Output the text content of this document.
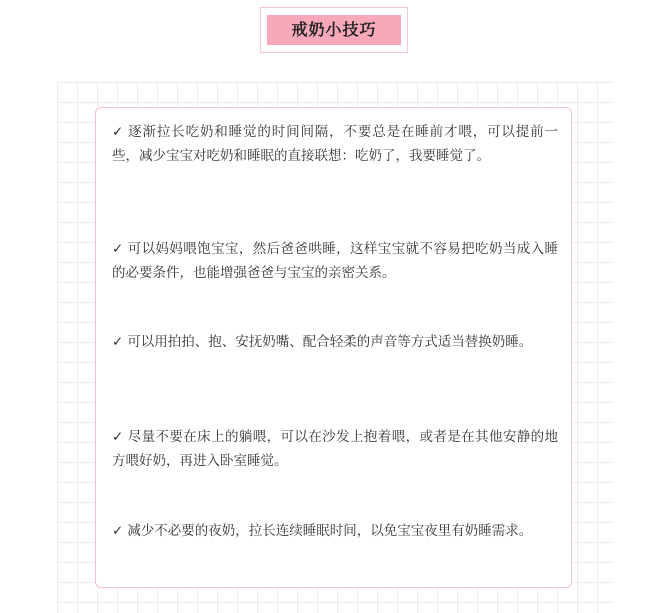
戒奶小技巧
✓ 逐渐拉长吃奶和睡觉的时间间隔，不要总是在睡前才喂，可以提前一些，减少宝宝对吃奶和睡眠的直接联想：吃奶了，我要睡觉了。
✓ 可以妈妈喂饱宝宝，然后爸爸哄睡，这样宝宝就不容易把吃奶当成入睡的必要条件，也能增强爸爸与宝宝的亲密关系。
✓ 可以用拍拍、抱、安抚奶嘴、配合轻柔的声音等方式适当替换奶睡。
✓ 尽量不要在床上的躺喂，可以在沙发上抱着喂，或者是在其他安静的地方喂好奶，再进入卧室睡觉。
✓ 减少不必要的夜奶，拉长连续睡眠时间，以免宝宝夜里有奶睡需求。
